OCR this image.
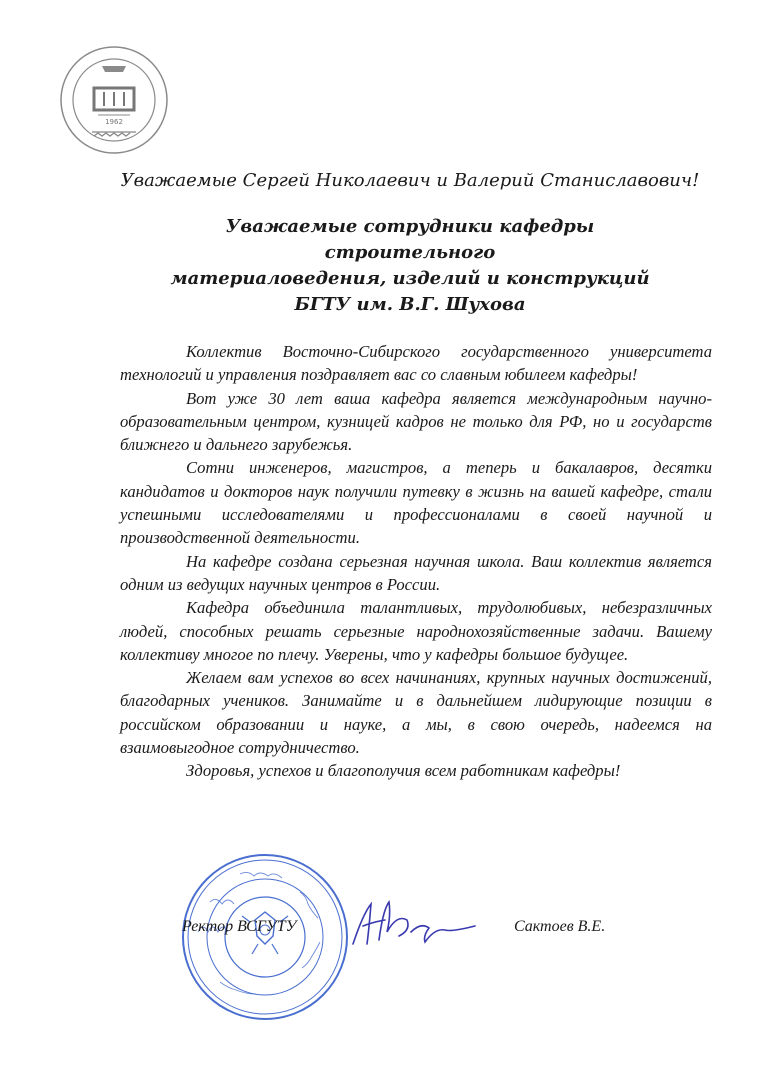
1962
Уважаемые Сергей Николаевич и Валерий Станиславович!
Уважаемые сотрудники кафедры строительного
материаловедения, изделий и конструкций
БГТУ им. В.Г. Шухова

Коллектив Восточно-Сибирского государственного университета технологий и управления поздравляет вас со славным юбилеем кафедры!

Вот уже 30 лет ваша кафедра является международным научно-образовательным центром, кузницей кадров не только для РФ, но и государств ближнего и дальнего зарубежья.

Сотни инженеров, магистров, а теперь и бакалавров, десятки кандидатов и докторов наук получили путевку в жизнь на вашей кафедре, стали успешными исследователями и профессионалами в своей научной и производственной деятельности.

На кафедре создана серьезная научная школа. Ваш коллектив является одним из ведущих научных центров в России.

Кафедра объединила талантливых, трудолюбивых, небезразличных людей, способных решать серьезные народнохозяйственные задачи. Вашему коллективу многое по плечу. Уверены, что у кафедры большое будущее.

Желаем вам успехов во всех начинаниях, крупных научных достижений, благодарных учеников. Занимайте и в дальнейшем лидирующие позиции в российском образовании и науке, а мы, в свою очередь, надеемся на взаимовыгодное сотрудничество.

Здоровья, успехов и благополучия всем работникам кафедры!

Ректор ВСГУТУ	Сактоев В.Е.
